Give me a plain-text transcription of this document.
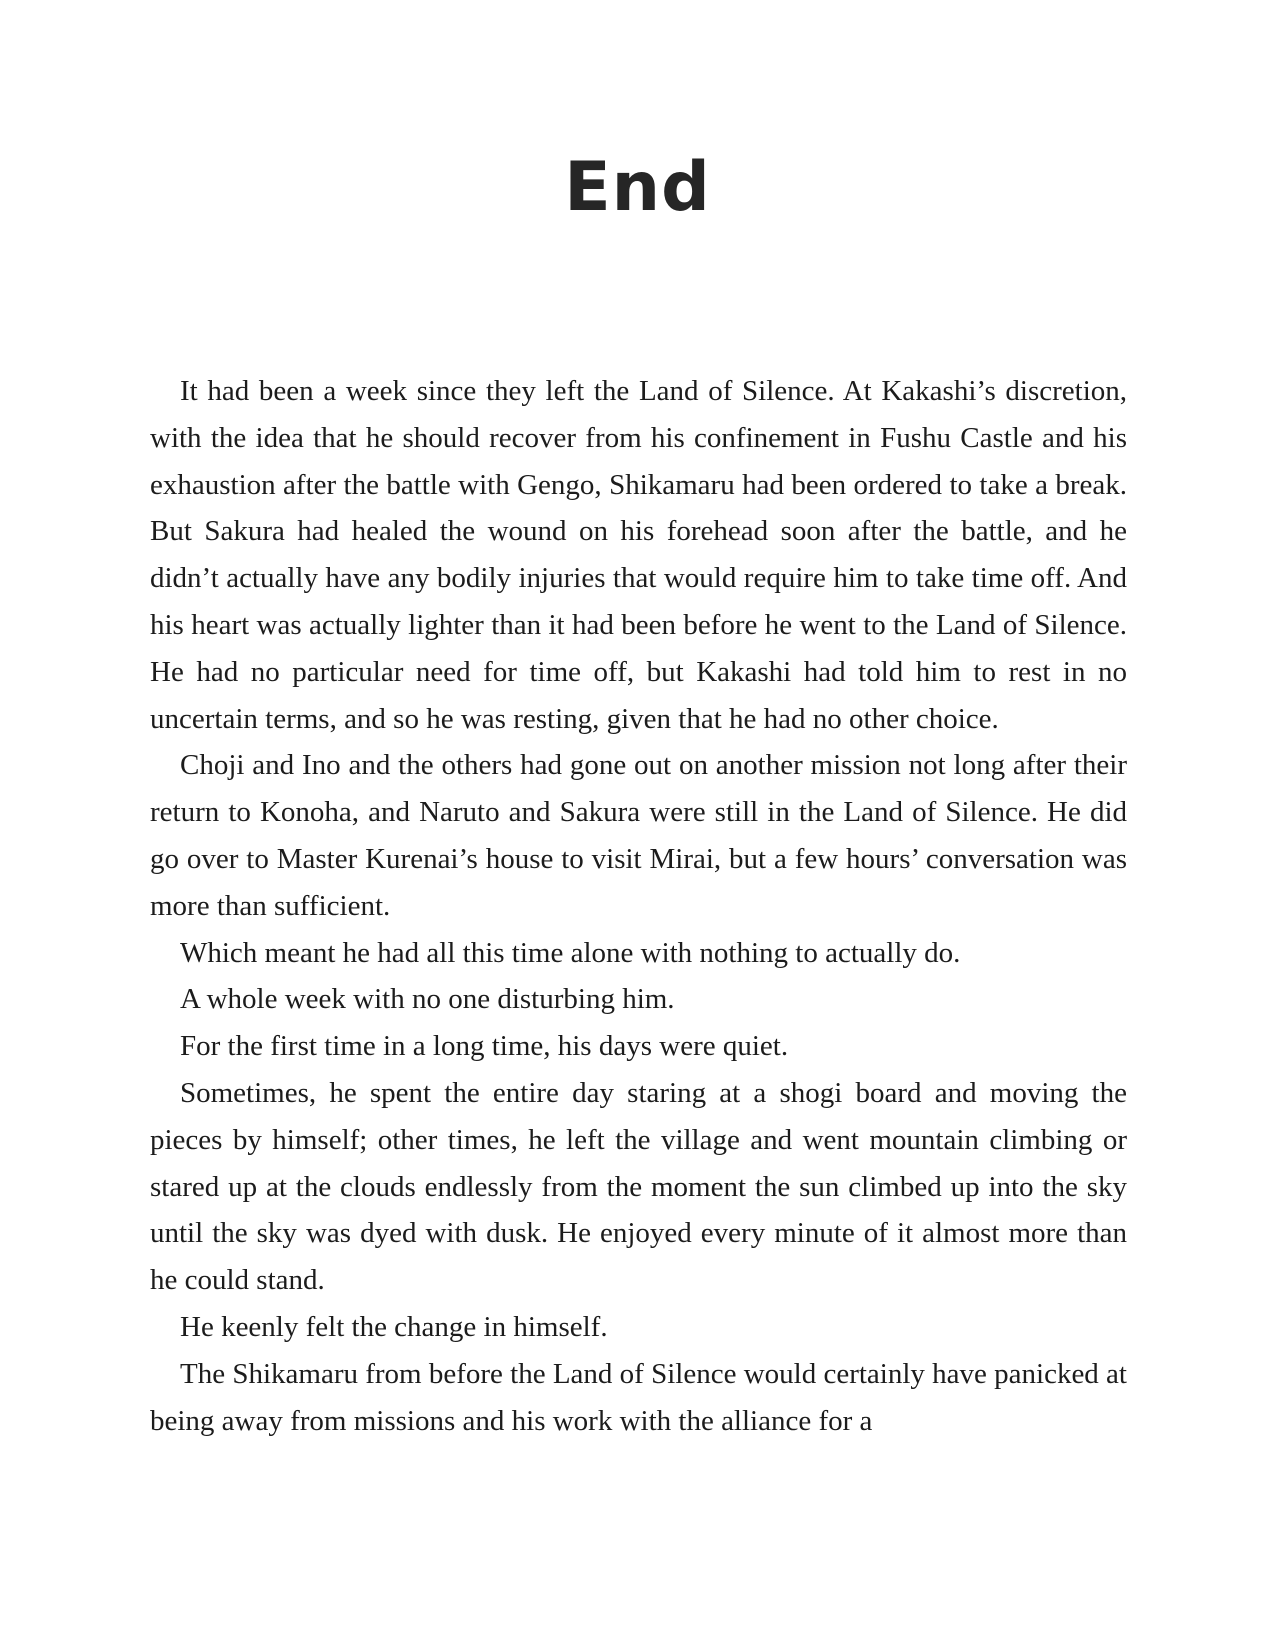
End

It had been a week since they left the Land of Silence. At Kakashi’s discretion, with the idea that he should recover from his confinement in Fushu Castle and his exhaustion after the battle with Gengo, Shikamaru had been ordered to take a break. But Sakura had healed the wound on his forehead soon after the battle, and he didn’t actually have any bodily injuries that would require him to take time off. And his heart was actually lighter than it had been before he went to the Land of Silence. He had no particular need for time off, but Kakashi had told him to rest in no uncertain terms, and so he was resting, given that he had no other choice.

Choji and Ino and the others had gone out on another mission not long after their return to Konoha, and Naruto and Sakura were still in the Land of Silence. He did go over to Master Kurenai’s house to visit Mirai, but a few hours’ conversation was more than sufficient.

Which meant he had all this time alone with nothing to actually do.

A whole week with no one disturbing him.

For the first time in a long time, his days were quiet.

Sometimes, he spent the entire day staring at a shogi board and moving the pieces by himself; other times, he left the village and went mountain climbing or stared up at the clouds endlessly from the moment the sun climbed up into the sky until the sky was dyed with dusk. He enjoyed every minute of it almost more than he could stand.

He keenly felt the change in himself.

The Shikamaru from before the Land of Silence would certainly have panicked at being away from missions and his work with the alliance for a
